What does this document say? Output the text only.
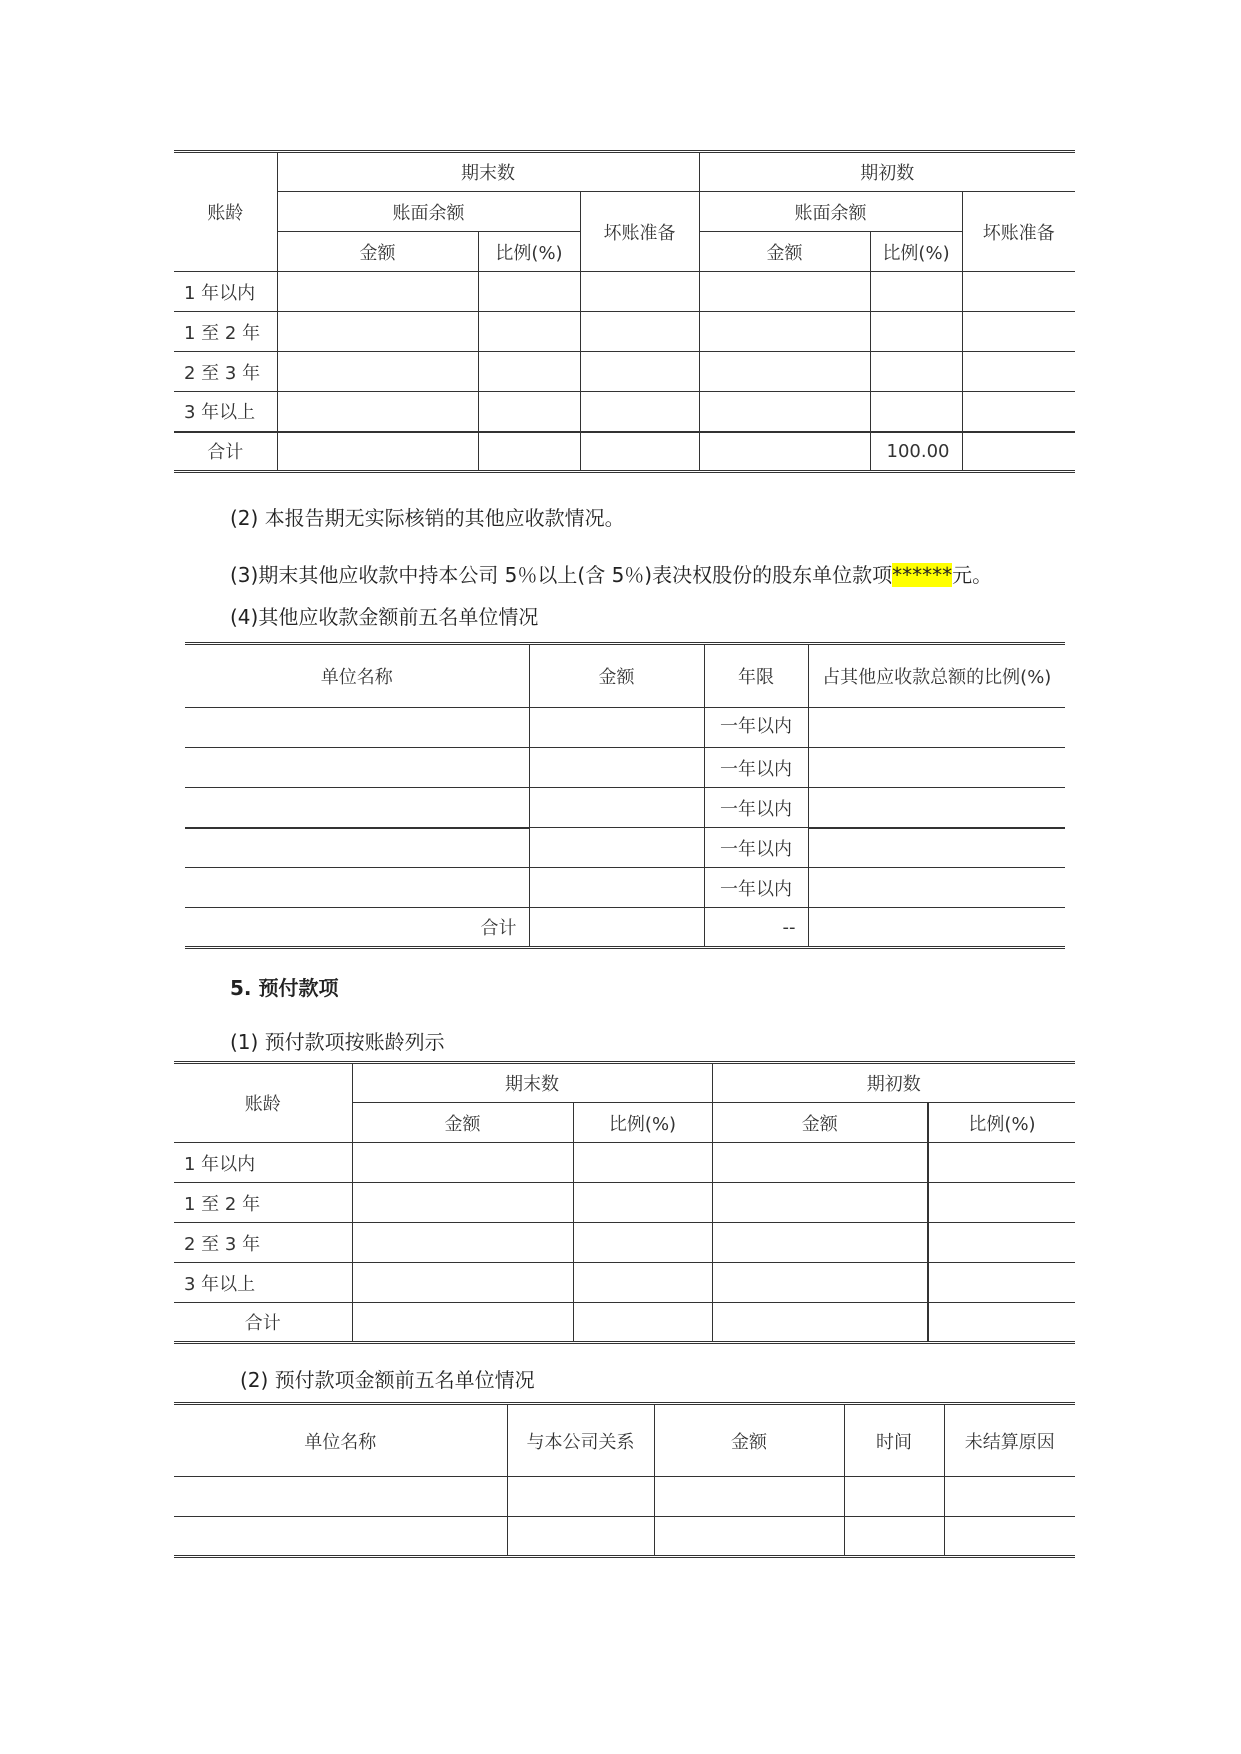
账龄	期末数			期初数		
	账面余额		坏账准备	账面余额		坏账准备
	金额	比例(%)		金额	比例(%)	
1 年以内						
1 至 2 年						
2 至 3 年						
3 年以上						
合计					100.00	
(2) 本报告期无实际核销的其他应收款情况。
(3)期末其他应收款中持本公司 5％以上(含 5％)表决权股份的股东单位款项******元。
(4)其他应收款金额前五名单位情况
单位名称	金额	年限	占其他应收款总额的比例(%)
		一年以内	
		一年以内	
		一年以内	
		一年以内	
		一年以内	
合计		--	
5. 预付款项
(1) 预付款项按账龄列示
账龄	期末数		期初数	
	金额	比例(%)	金额	比例(%)
1 年以内				
1 至 2 年				
2 至 3 年				
3 年以上				
合计				
(2) 预付款项金额前五名单位情况
单位名称	与本公司关系	金额	时间	未结算原因
